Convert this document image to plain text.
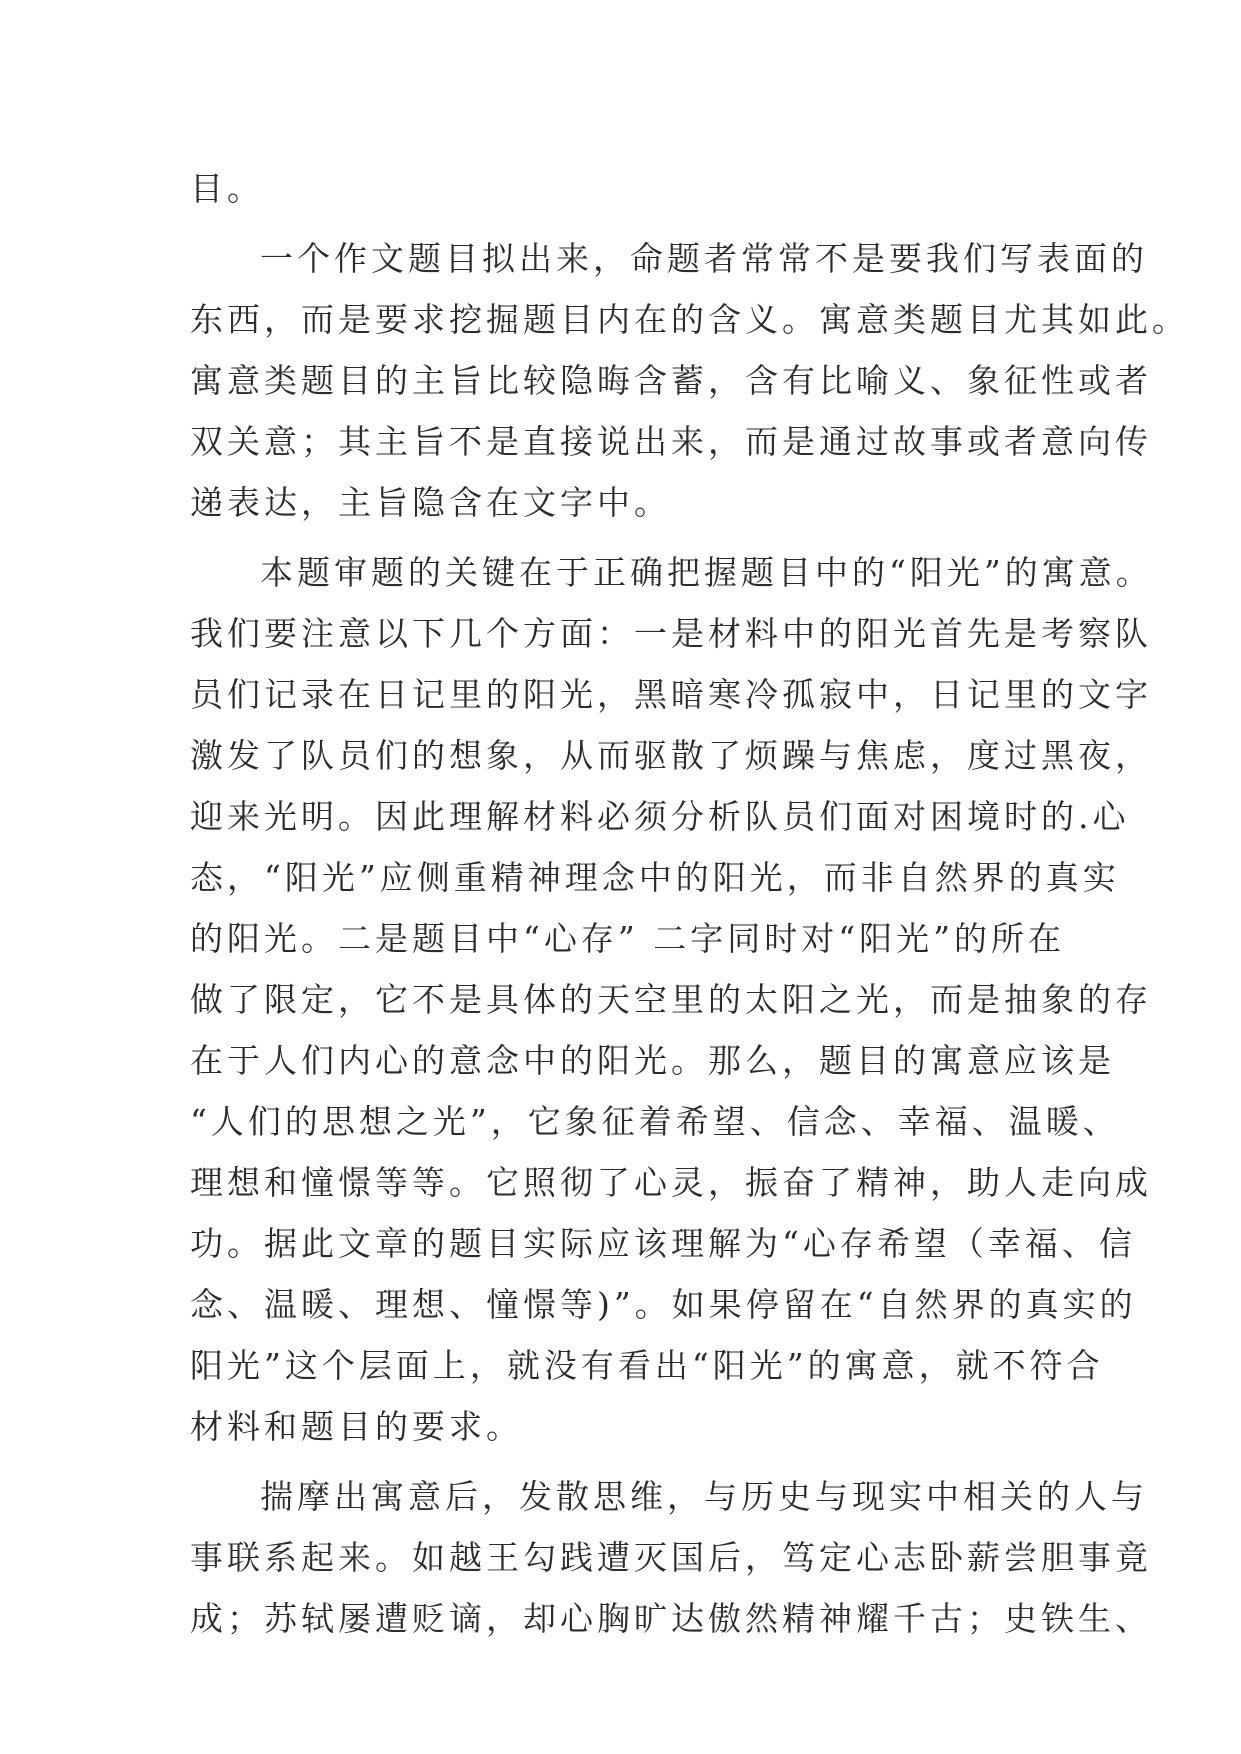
目。
一个作文题目拟出来，命题者常常不是要我们写表面的
东西，而是要求挖掘题目内在的含义。寓意类题目尤其如此。
寓意类题目的主旨比较隐晦含蓄，含有比喻义、象征性或者
双关意；其主旨不是直接说出来，而是通过故事或者意向传
递表达，主旨隐含在文字中。
本题审题的关键在于正确把握题目中的“阳光”的寓意。
我们要注意以下几个方面：一是材料中的阳光首先是考察队
员们记录在日记里的阳光，黑暗寒冷孤寂中，日记里的文字
激发了队员们的想象，从而驱散了烦躁与焦虑，度过黑夜，
迎来光明。因此理解材料必须分析队员们面对困境时的.心
态，“阳光”应侧重精神理念中的阳光，而非自然界的真实
的阳光。二是题目中“心存” 二字同时对“阳光”的所在
做了限定，它不是具体的天空里的太阳之光，而是抽象的存
在于人们内心的意念中的阳光。那么，题目的寓意应该是
“人们的思想之光”，它象征着希望、信念、幸福、温暖、
理想和憧憬等等。它照彻了心灵，振奋了精神，助人走向成
功。据此文章的题目实际应该理解为“心存希望（幸福、信
念、温暖、理想、憧憬等)”。如果停留在“自然界的真实的
阳光”这个层面上，就没有看出“阳光”的寓意，就不符合
材料和题目的要求。
揣摩出寓意后，发散思维，与历史与现实中相关的人与
事联系起来。如越王勾践遭灭国后，笃定心志卧薪尝胆事竟
成；苏轼屡遭贬谪，却心胸旷达傲然精神耀千古；史铁生、
